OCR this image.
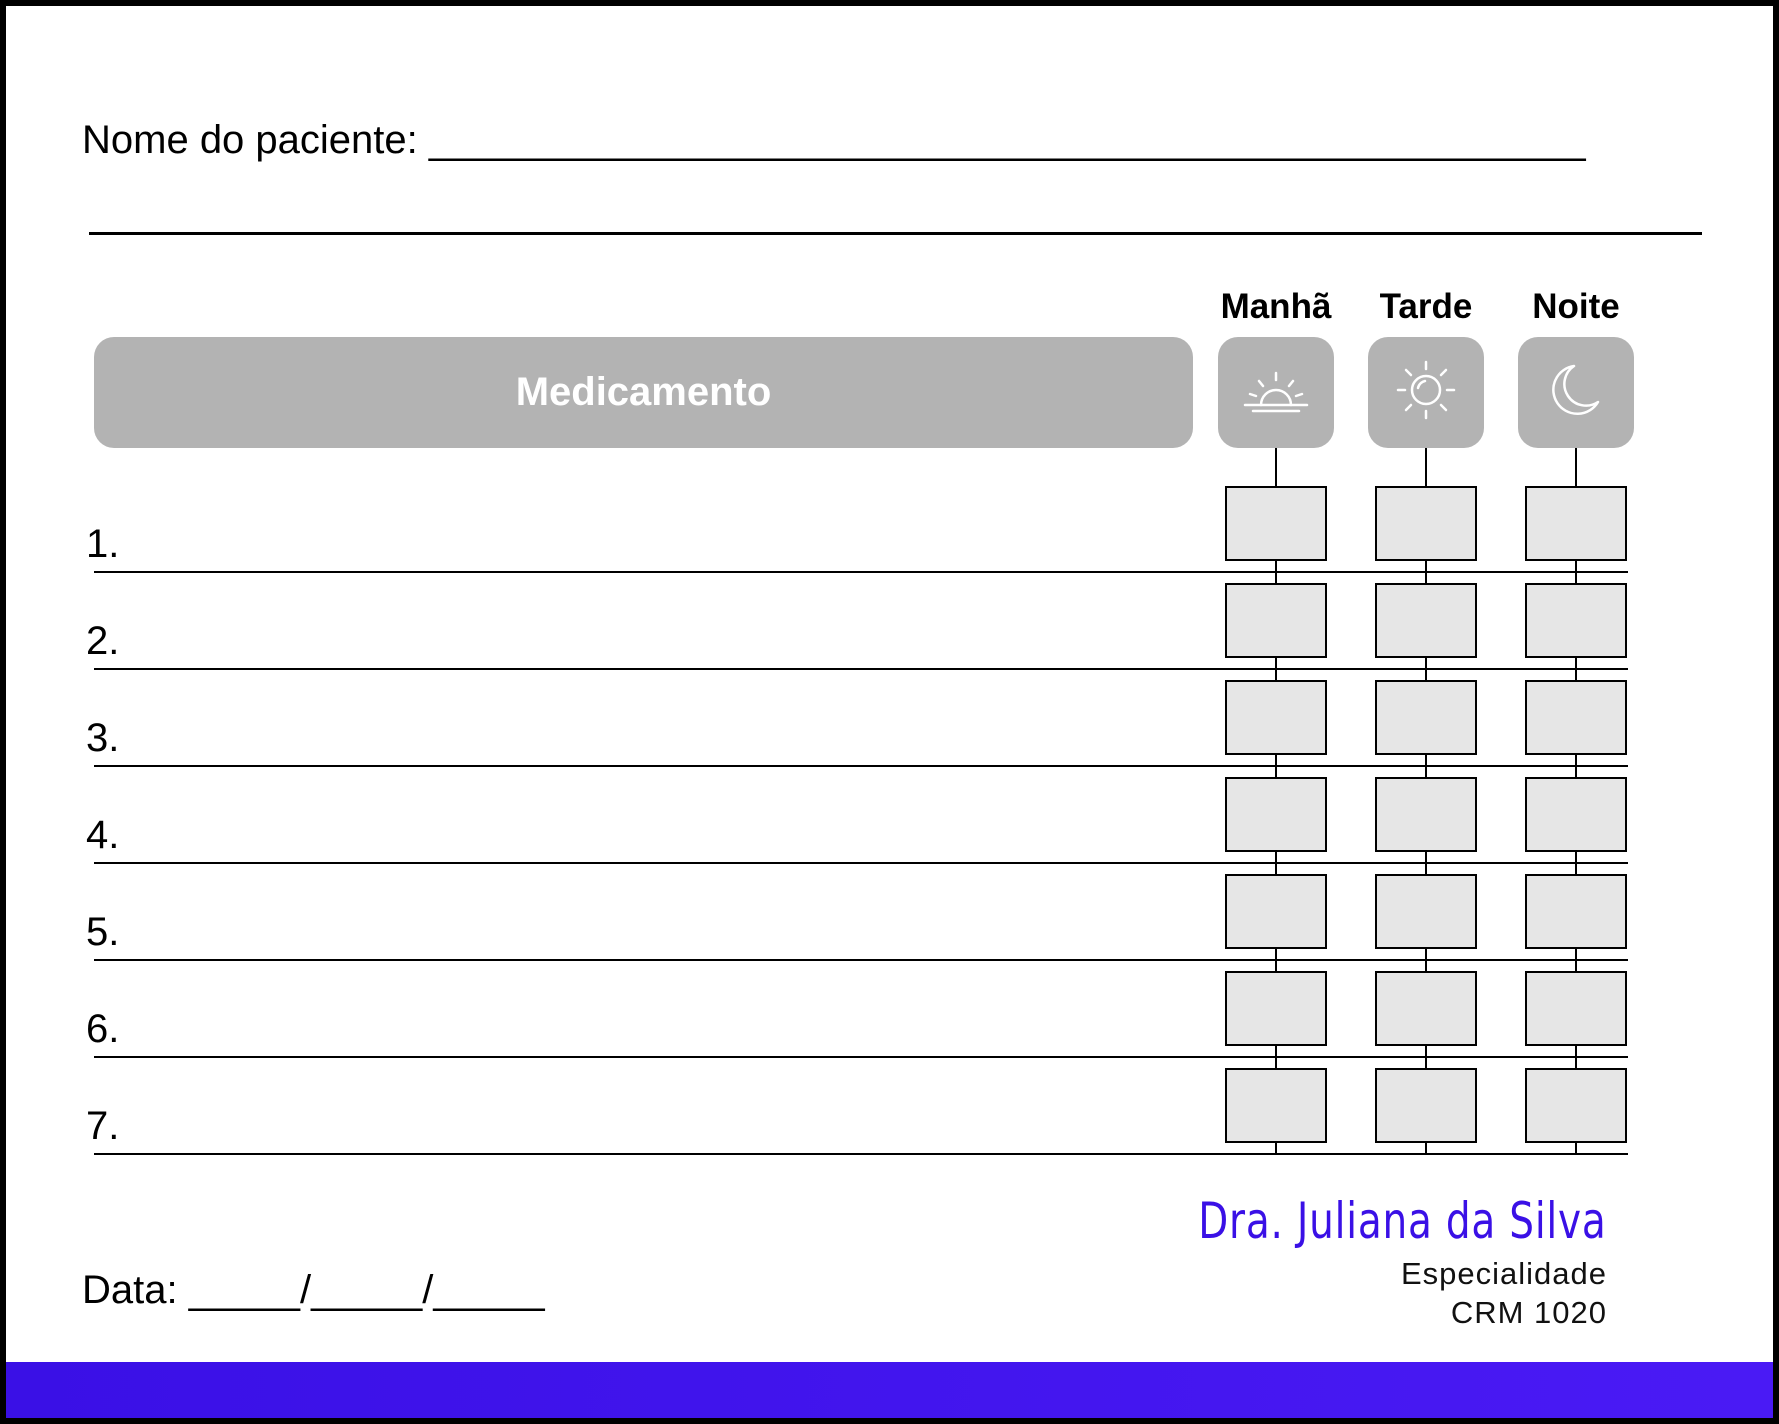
Nome do paciente: ____________________________________________________
Manhã	Tarde	Noite
Medicamento
1.
2.
3.
4.
5.
6.
7.
Data: _____/_____/_____
Dra. Juliana da Silva
Especialidade
CRM 1020
